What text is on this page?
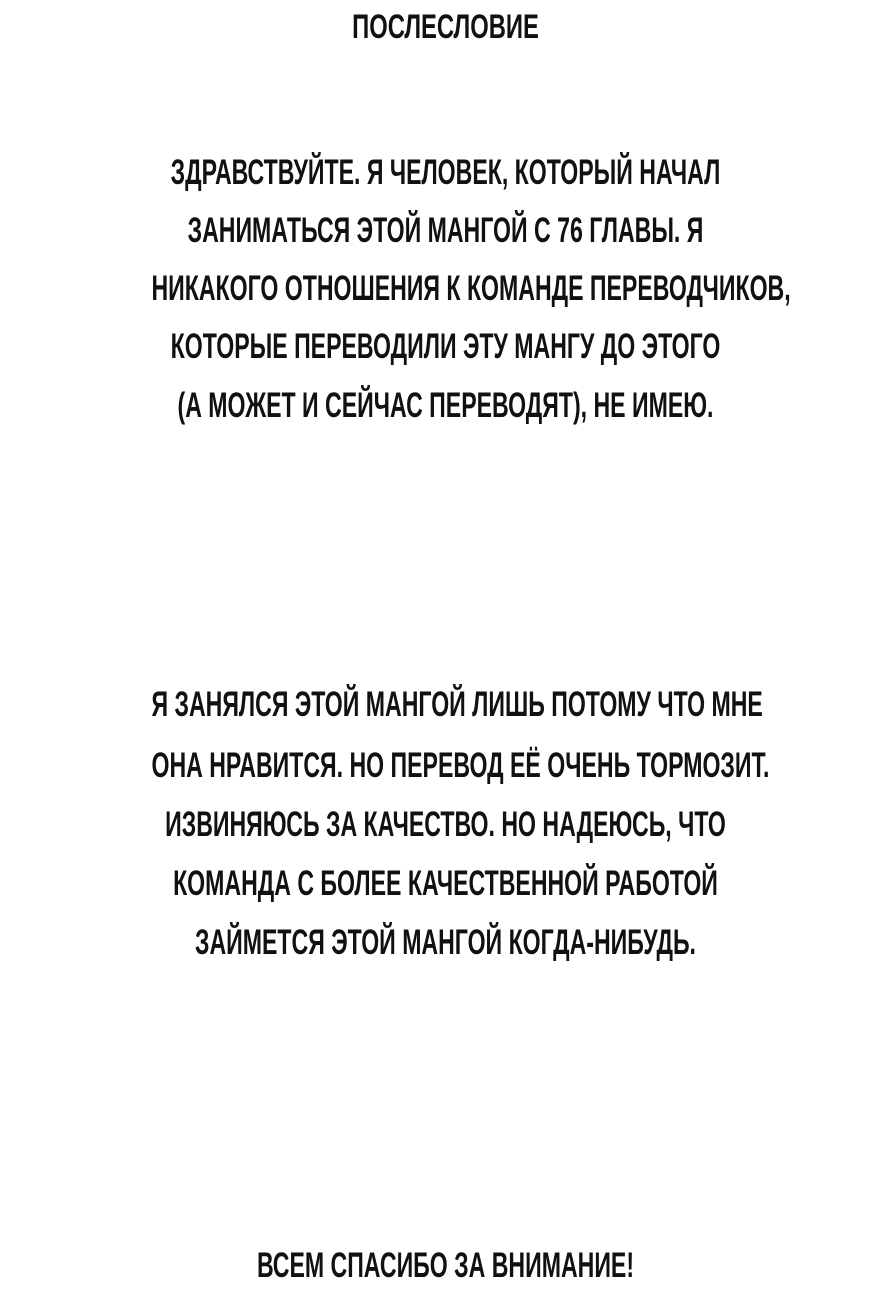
ПОСЛЕСЛОВИЕ
ЗДРАВСТВУЙТЕ. Я ЧЕЛОВЕК, КОТОРЫЙ НАЧАЛ
ЗАНИМАТЬСЯ ЭТОЙ МАНГОЙ С 76 ГЛАВЫ. Я
НИКАКОГО ОТНОШЕНИЯ К КОМАНДЕ ПЕРЕВОДЧИКОВ,
КОТОРЫЕ ПЕРЕВОДИЛИ ЭТУ МАНГУ ДО ЭТОГО
(А МОЖЕТ И СЕЙЧАС ПЕРЕВОДЯТ), НЕ ИМЕЮ.
Я ЗАНЯЛСЯ ЭТОЙ МАНГОЙ ЛИШЬ ПОТОМУ ЧТО МНЕ
ОНА НРАВИТСЯ. НО ПЕРЕВОД ЕЁ ОЧЕНЬ ТОРМОЗИТ.
ИЗВИНЯЮСЬ ЗА КАЧЕСТВО. НО НАДЕЮСЬ, ЧТО
КОМАНДА С БОЛЕЕ КАЧЕСТВЕННОЙ РАБОТОЙ
ЗАЙМЕТСЯ ЭТОЙ МАНГОЙ КОГДА-НИБУДЬ.
ВСЕМ СПАСИБО ЗА ВНИМАНИЕ!
